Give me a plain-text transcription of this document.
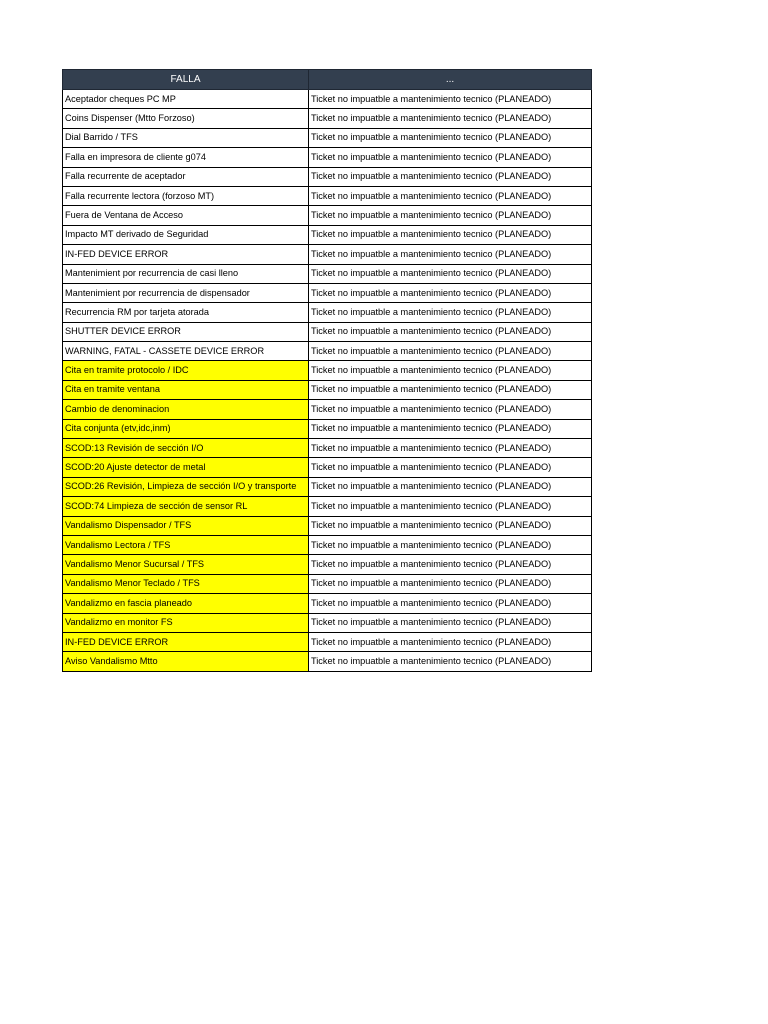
FALLA	...
Aceptador cheques PC MP	Ticket no impuatble a mantenimiento tecnico (PLANEADO)
Coins Dispenser (Mtto Forzoso)	Ticket no impuatble a mantenimiento tecnico (PLANEADO)
Dial Barrido / TFS	Ticket no impuatble a mantenimiento tecnico (PLANEADO)
Falla en impresora de cliente g074	Ticket no impuatble a mantenimiento tecnico (PLANEADO)
Falla recurrente de aceptador	Ticket no impuatble a mantenimiento tecnico (PLANEADO)
Falla recurrente lectora (forzoso MT)	Ticket no impuatble a mantenimiento tecnico (PLANEADO)
Fuera de Ventana de Acceso	Ticket no impuatble a mantenimiento tecnico (PLANEADO)
Impacto MT derivado de Seguridad	Ticket no impuatble a mantenimiento tecnico (PLANEADO)
IN-FED DEVICE ERROR	Ticket no impuatble a mantenimiento tecnico (PLANEADO)
Mantenimient por recurrencia de casi lleno	Ticket no impuatble a mantenimiento tecnico (PLANEADO)
Mantenimient por recurrencia de dispensador	Ticket no impuatble a mantenimiento tecnico (PLANEADO)
Recurrencia RM por tarjeta atorada	Ticket no impuatble a mantenimiento tecnico (PLANEADO)
SHUTTER DEVICE ERROR	Ticket no impuatble a mantenimiento tecnico (PLANEADO)
WARNING, FATAL - CASSETE DEVICE ERROR	Ticket no impuatble a mantenimiento tecnico (PLANEADO)
Cita en tramite protocolo / IDC	Ticket no impuatble a mantenimiento tecnico (PLANEADO)
Cita en tramite ventana	Ticket no impuatble a mantenimiento tecnico (PLANEADO)
Cambio de denominacion	Ticket no impuatble a mantenimiento tecnico (PLANEADO)
Cita conjunta (etv,idc,inm)	Ticket no impuatble a mantenimiento tecnico (PLANEADO)
SCOD:13 Revisión de sección I/O	Ticket no impuatble a mantenimiento tecnico (PLANEADO)
SCOD:20 Ajuste detector de metal	Ticket no impuatble a mantenimiento tecnico (PLANEADO)
SCOD:26 Revisión, Limpieza de sección I/O y transporte	Ticket no impuatble a mantenimiento tecnico (PLANEADO)
SCOD:74 Limpieza de sección de sensor RL	Ticket no impuatble a mantenimiento tecnico (PLANEADO)
Vandalismo Dispensador / TFS	Ticket no impuatble a mantenimiento tecnico (PLANEADO)
Vandalismo Lectora / TFS	Ticket no impuatble a mantenimiento tecnico (PLANEADO)
Vandalismo Menor Sucursal / TFS	Ticket no impuatble a mantenimiento tecnico (PLANEADO)
Vandalismo Menor Teclado / TFS	Ticket no impuatble a mantenimiento tecnico (PLANEADO)
Vandalizmo en fascia planeado	Ticket no impuatble a mantenimiento tecnico (PLANEADO)
Vandalizmo en monitor FS	Ticket no impuatble a mantenimiento tecnico (PLANEADO)
IN-FED DEVICE ERROR	Ticket no impuatble a mantenimiento tecnico (PLANEADO)
Aviso Vandalismo Mtto	Ticket no impuatble a mantenimiento tecnico (PLANEADO)
